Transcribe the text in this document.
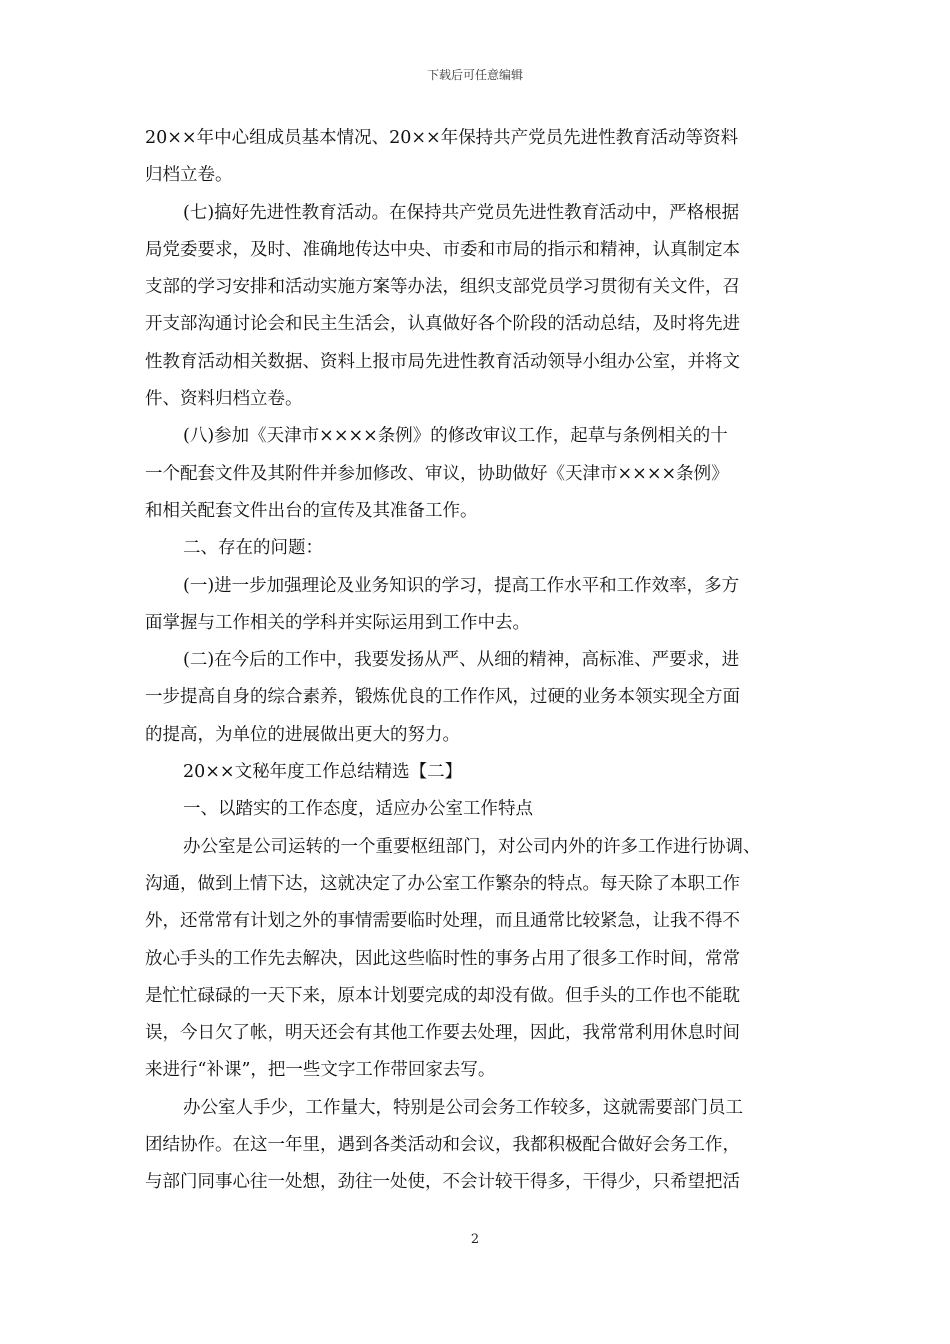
下载后可任意编辑

20××年中心组成员基本情况、20××年保持共产党员先进性教育活动等资料

归档立卷。

(七)搞好先进性教育活动。在保持共产党员先进性教育活动中，严格根据

局党委要求，及时、准确地传达中央、市委和市局的指示和精神，认真制定本

支部的学习安排和活动实施方案等办法，组织支部党员学习贯彻有关文件，召

开支部沟通讨论会和民主生活会，认真做好各个阶段的活动总结，及时将先进

性教育活动相关数据、资料上报市局先进性教育活动领导小组办公室，并将文

件、资料归档立卷。

(八)参加《天津市××××条例》的修改审议工作，起草与条例相关的十

一个配套文件及其附件并参加修改、审议，协助做好《天津市××××条例》

和相关配套文件出台的宣传及其准备工作。

二、存在的问题：

(一)进一步加强理论及业务知识的学习，提高工作水平和工作效率，多方

面掌握与工作相关的学科并实际运用到工作中去。

(二)在今后的工作中，我要发扬从严、从细的精神，高标准、严要求，进

一步提高自身的综合素养，锻炼优良的工作作风，过硬的业务本领实现全方面

的提高，为单位的进展做出更大的努力。

20××文秘年度工作总结精选【二】

一、以踏实的工作态度，适应办公室工作特点

办公室是公司运转的一个重要枢纽部门，对公司内外的许多工作进行协调、

沟通，做到上情下达，这就决定了办公室工作繁杂的特点。每天除了本职工作

外，还常常有计划之外的事情需要临时处理，而且通常比较紧急，让我不得不

放心手头的工作先去解决，因此这些临时性的事务占用了很多工作时间，常常

是忙忙碌碌的一天下来，原本计划要完成的却没有做。但手头的工作也不能耽

误，今日欠了帐，明天还会有其他工作要去处理，因此，我常常利用休息时间

来进行“补课”，把一些文字工作带回家去写。

办公室人手少，工作量大，特别是公司会务工作较多，这就需要部门员工

团结协作。在这一年里，遇到各类活动和会议，我都积极配合做好会务工作，

与部门同事心往一处想，劲往一处使，不会计较干得多，干得少，只希望把活

2
